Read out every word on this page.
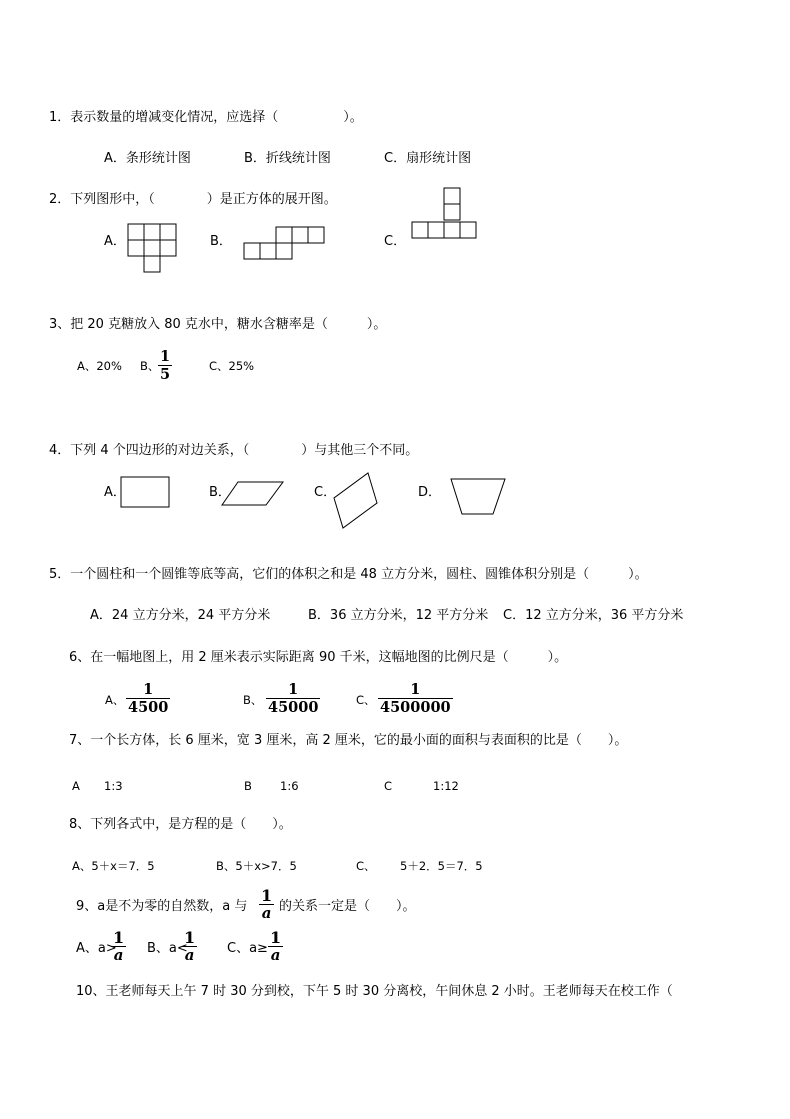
1．表示数量的增减变化情况，应选择（　　　　　）。
A．条形统计图	B．折线统计图	C．扇形统计图
2．下列图形中，（　　　　）是正方体的展开图。
A．	B．	C．
3、把 20 克糖放入 80 克水中，糖水含糖率是（　　　）。
A、20% B、
1
5	C、25%
4．下列 4 个四边形的对边关系，（　　　　）与其他三个不同。
A．	B．	C．	D．
5．一个圆柱和一个圆锥等底等高，它们的体积之和是 48 立方分米，圆柱、圆锥体积分别是（　　　）。
A．24 立方分米，24 平方分米	B．36 立方分米，12 平方分米 C．12 立方分米，36 平方分米
6、在一幅地图上，用 2 厘米表示实际距离 90 千米，这幅地图的比例尺是（　　　）。
A、
1
4500	B、
1
45000	C、
1
4500000
7、一个长方体，长 6 厘米，宽 3 厘米，高 2 厘米，它的最小面的面积与表面积的比是（　　）。
A 1:3	B 1:6	C	1:12
8、下列各式中，是方程的是（　　）。
A、5＋x＝7．5	B、5＋x>7．5	C、 5＋2．5＝7．5
9、a是不为零的自然数，a 与
1
a 的关系一定是（　　）。
A、a>
1
a B、a<
1
a	C、a≥
1
a
10、王老师每天上午 7 时 30 分到校，下午 5 时 30 分离校，午间休息 2 小时。王老师每天在校工作（
